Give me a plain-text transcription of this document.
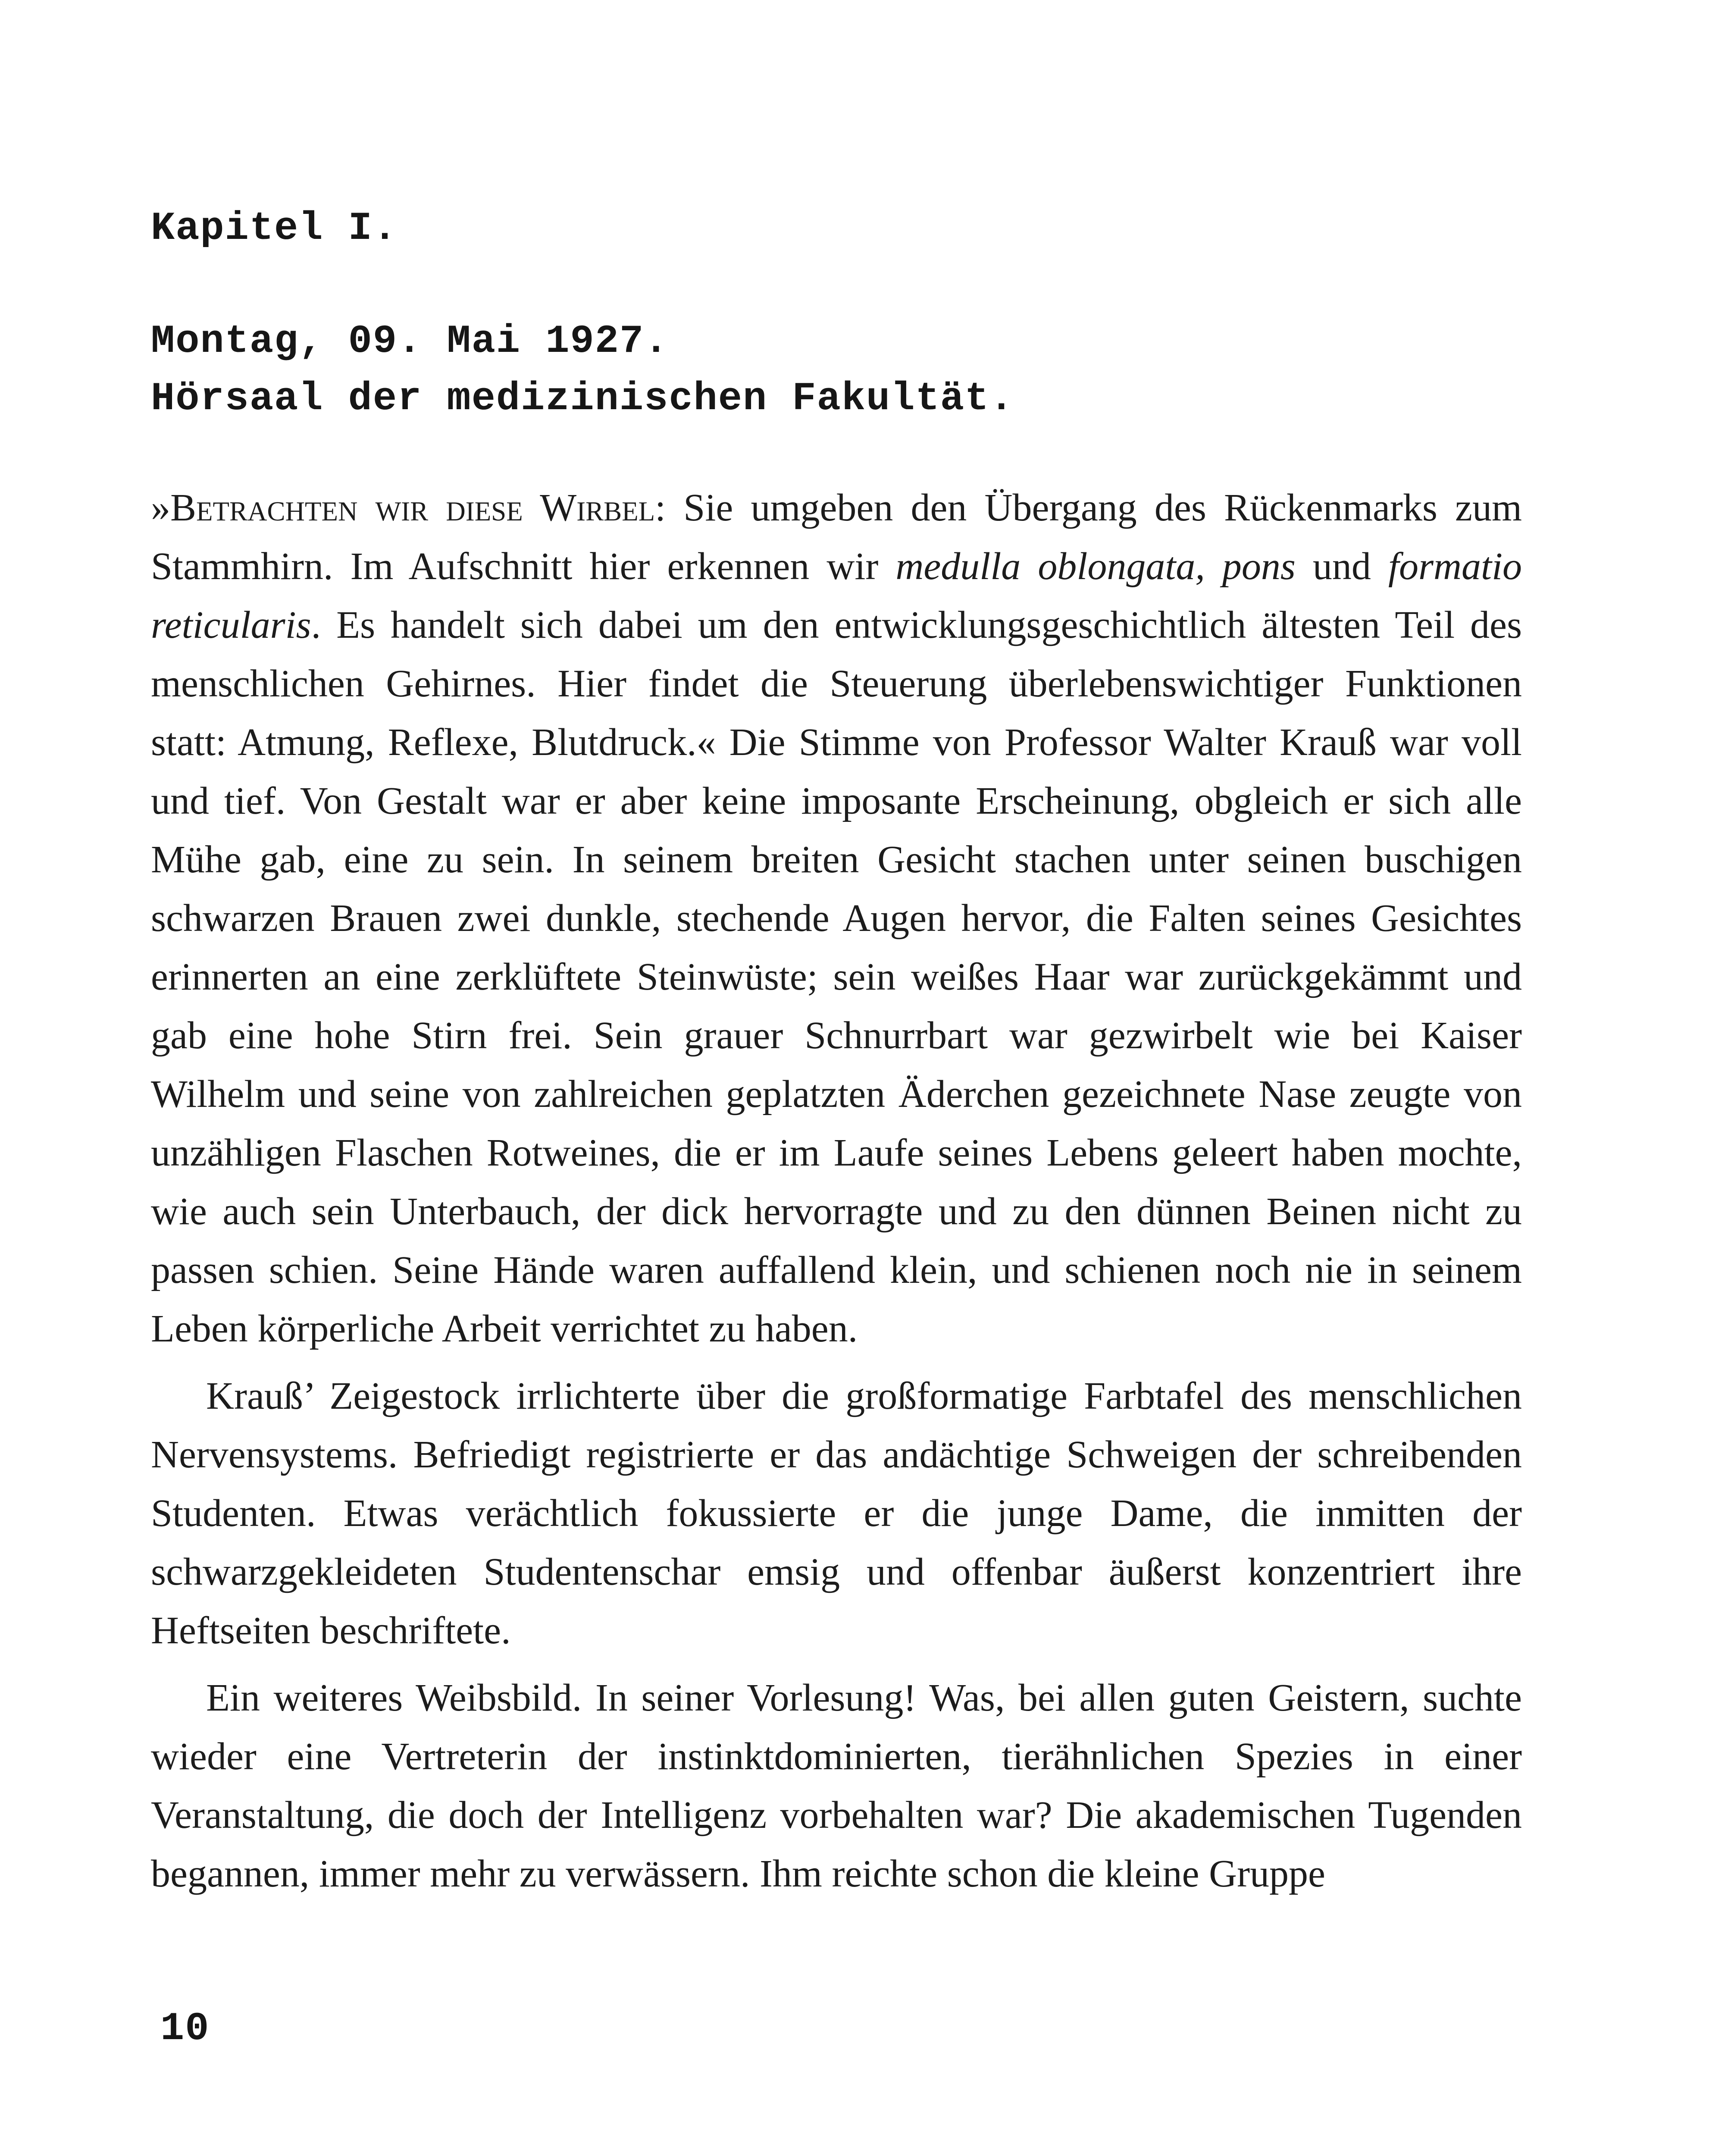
Kapitel I.
Montag, 09. Mai 1927.
Hörsaal der medizinischen Fakultät.

»Betrachten wir diese Wirbel: Sie umgeben den Übergang des Rückenmarks zum Stammhirn. Im Aufschnitt hier erkennen wir medulla oblongata, pons und formatio reticularis. Es handelt sich dabei um den entwicklungsgeschichtlich ältesten Teil des menschlichen Gehirnes. Hier findet die Steuerung überlebenswichtiger Funktionen statt: Atmung, Reflexe, Blutdruck.« Die Stimme von Professor Walter Krauß war voll und tief. Von Gestalt war er aber keine imposante Erscheinung, obgleich er sich alle Mühe gab, eine zu sein. In seinem breiten Gesicht stachen unter seinen buschigen schwarzen Brauen zwei dunkle, stechende Augen hervor, die Falten seines Gesichtes erinnerten an eine zerklüftete Steinwüste; sein weißes Haar war zurückgekämmt und gab eine hohe Stirn frei. Sein grauer Schnurrbart war gezwirbelt wie bei Kaiser Wilhelm und seine von zahlreichen geplatzten Äderchen gezeichnete Nase zeugte von unzähligen Flaschen Rotweines, die er im Laufe seines Lebens geleert haben mochte, wie auch sein Unterbauch, der dick hervorragte und zu den dünnen Beinen nicht zu passen schien. Seine Hände waren auffallend klein, und schienen noch nie in seinem Leben körperliche Arbeit verrichtet zu haben.

Krauß’ Zeigestock irrlichterte über die großformatige Farbtafel des menschlichen Nervensystems. Befriedigt registrierte er das andächtige Schweigen der schreibenden Studenten. Etwas verächtlich fokussierte er die junge Dame, die inmitten der schwarzgekleideten Studentenschar emsig und offenbar äußerst konzentriert ihre Heftseiten beschriftete.

Ein weiteres Weibsbild. In seiner Vorlesung! Was, bei allen guten Geistern, suchte wieder eine Vertreterin der instinktdominierten, tierähnlichen Spezies in einer Veranstaltung, die doch der Intelligenz vorbehalten war? Die akademischen Tugenden begannen, immer mehr zu verwässern. Ihm reichte schon die kleine Gruppe

10
